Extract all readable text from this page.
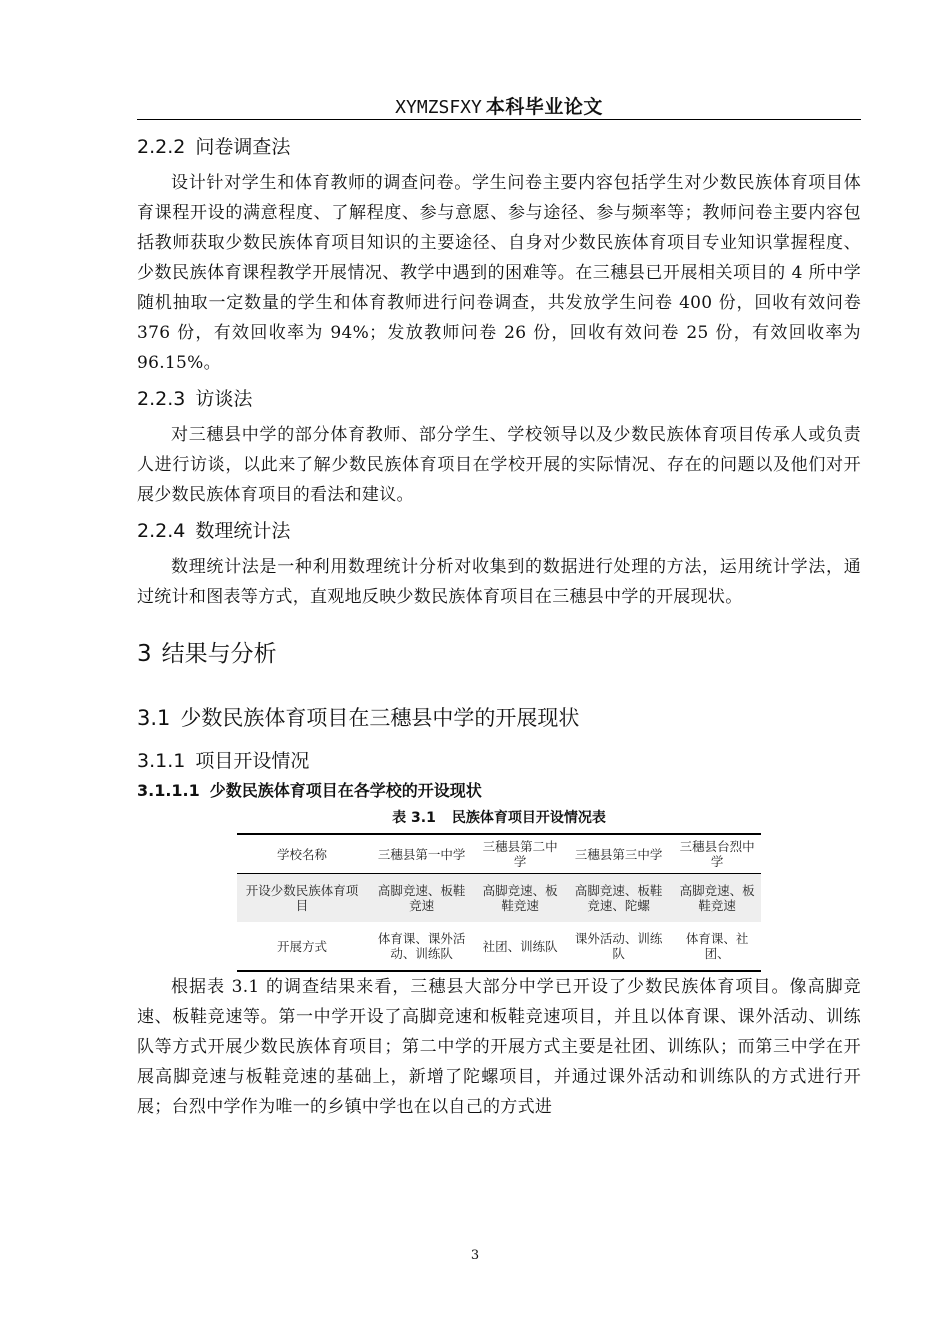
XYMZSFXY 本科毕业论文
2.2.2 问卷调查法

设计针对学生和体育教师的调查问卷。学生问卷主要内容包括学生对少数民族体育项目体育课程开设的满意程度、了解程度、参与意愿、参与途径、参与频率等；教师问卷主要内容包括教师获取少数民族体育项目知识的主要途径、自身对少数民族体育项目专业知识掌握程度、少数民族体育课程教学开展情况、教学中遇到的困难等。在三穗县已开展相关项目的 4 所中学随机抽取一定数量的学生和体育教师进行问卷调查，共发放学生问卷 400 份，回收有效问卷 376 份，有效回收率为 94%；发放教师问卷 26 份，回收有效问卷 25 份，有效回收率为 96.15%。

2.2.3 访谈法

对三穗县中学的部分体育教师、部分学生、学校领导以及少数民族体育项目传承人或负责人进行访谈，以此来了解少数民族体育项目在学校开展的实际情况、存在的问题以及他们对开展少数民族体育项目的看法和建议。

2.2.4 数理统计法

数理统计法是一种利用数理统计分析对收集到的数据进行处理的方法，运用统计学法，通过统计和图表等方式，直观地反映少数民族体育项目在三穗县中学的开展现状。

3 结果与分析
3.1 少数民族体育项目在三穗县中学的开展现状
3.1.1 项目开设情况
3.1.1.1 少数民族体育项目在各学校的开设现状
表 3.1 民族体育项目开设情况表
学校名称	三穗县第一中学	三穗县第二中学	三穗县第三中学	三穗县台烈中学
开设少数民族体育项目	高脚竞速、板鞋竞速	高脚竞速、板鞋竞速	高脚竞速、板鞋竞速、陀螺	高脚竞速、板鞋竞速
开展方式	体育课、课外活动、训练队	社团、训练队	课外活动、训练队	体育课、社团、

根据表 3.1 的调查结果来看，三穗县大部分中学已开设了少数民族体育项目。像高脚竞速、板鞋竞速等。第一中学开设了高脚竞速和板鞋竞速项目，并且以体育课、课外活动、训练队等方式开展少数民族体育项目；第二中学的开展方式主要是社团、训练队；而第三中学在开展高脚竞速与板鞋竞速的基础上，新增了陀螺项目，并通过课外活动和训练队的方式进行开展；台烈中学作为唯一的乡镇中学也在以自己的方式进

3
